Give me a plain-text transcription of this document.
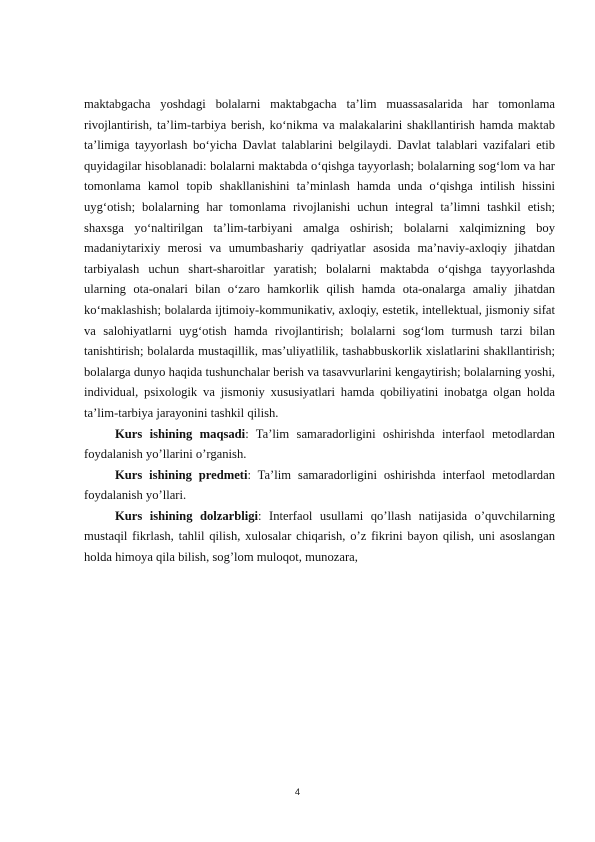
maktabgacha yoshdagi bolalarni maktabgacha ta’lim muassasalarida har tomonlama rivojlantirish, ta’lim-tarbiya berish, ko‘nikma va malakalarini shakllantirish hamda maktab ta’limiga tayyorlash bo‘yicha Davlat talablarini belgilaydi. Davlat talablari vazifalari etib quyidagilar hisoblanadi: bolalarni maktabda o‘qishga tayyorlash; bolalarning sog‘lom va har tomonlama kamol topib shakllanishini ta’minlash hamda unda o‘qishga intilish hissini uyg‘otish; bolalarning har tomonlama rivojlanishi uchun integral ta’limni tashkil etish; shaxsga yo‘naltirilgan ta’lim-tarbiyani amalga oshirish; bolalarni xalqimizning boy madaniytarixiy merosi va umumbashariy qadriyatlar asosida ma’naviy-axloqiy jihatdan tarbiyalash uchun shart-sharoitlar yaratish; bolalarni maktabda o‘qishga tayyorlashda ularning ota-onalari bilan o‘zaro hamkorlik qilish hamda ota-onalarga amaliy jihatdan ko‘maklashish; bolalarda ijtimoiy-kommunikativ, axloqiy, estetik, intellektual, jismoniy sifat va salohiyatlarni uyg‘otish hamda rivojlantirish; bolalarni sog‘lom turmush tarzi bilan tanishtirish; bolalarda mustaqillik, mas’uliyatlilik, tashabbuskorlik xislatlarini shakllantirish; bolalarga dunyo haqida tushunchalar berish va tasavvurlarini kengaytirish; bolalarning yoshi, individual, psixologik va jismoniy xususiyatlari hamda qobiliyatini inobatga olgan holda ta’lim-tarbiya jarayonini tashkil qilish.

Kurs ishining maqsadi: Ta’lim samaradorligini oshirishda interfaol metodlardan foydalanish yo’llarini o’rganish.

Kurs ishining predmeti: Ta’lim samaradorligini oshirishda interfaol metodlardan foydalanish yo’llari.

Kurs ishining dolzarbligi: Interfaol usullami qo’llash natijasida o’quvchilarning mustaqil fikrlash, tahlil qilish, xulosalar chiqarish, o’z fikrini bayon qilish, uni asoslangan holda himoya qila bilish, sog’lom muloqot, munozara,

4
